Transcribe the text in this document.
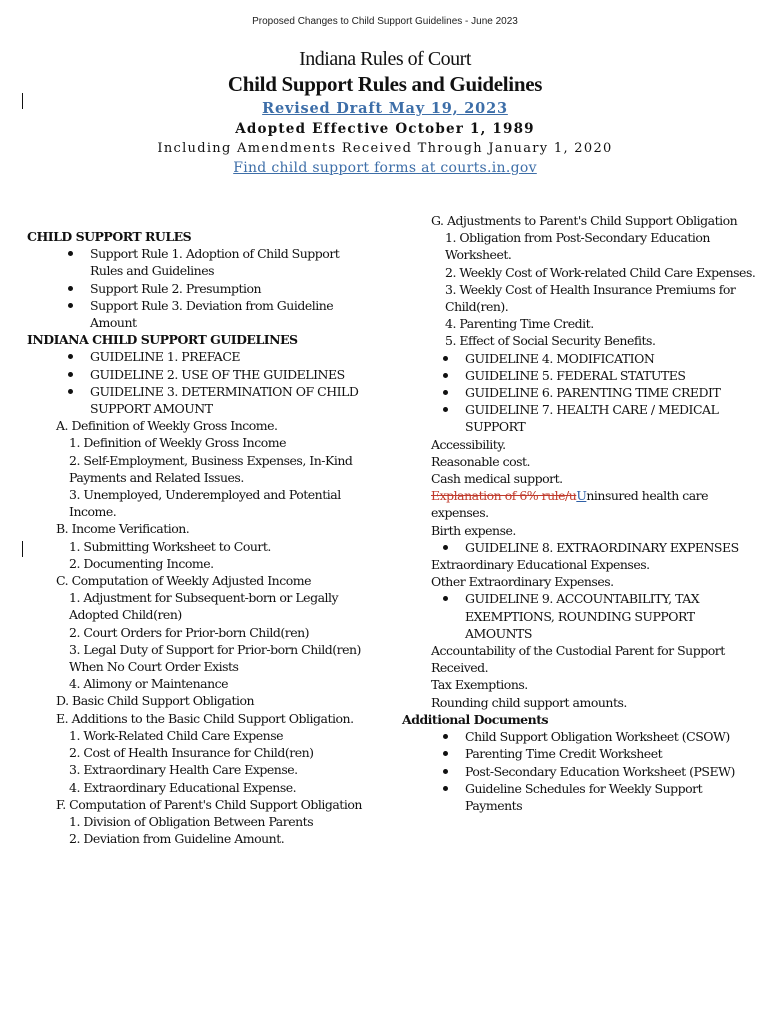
Proposed Changes to Child Support Guidelines - June 2023
Indiana Rules of Court
Child Support Rules and Guidelines
Revised Draft May 19, 2023
Adopted Effective October 1, 1989
Including Amendments Received Through January 1, 2020
Find child support forms at courts.in.gov
CHILD SUPPORT RULES
Support Rule 1. Adoption of Child Support Rules and Guidelines
Support Rule 2. Presumption
Support Rule 3. Deviation from Guideline Amount
INDIANA CHILD SUPPORT GUIDELINES
GUIDELINE 1. PREFACE
GUIDELINE 2. USE OF THE GUIDELINES
GUIDELINE 3. DETERMINATION OF CHILD SUPPORT AMOUNT
A. Definition of Weekly Gross Income.
1. Definition of Weekly Gross Income
2. Self-Employment, Business Expenses, In-Kind Payments and Related Issues.
3. Unemployed, Underemployed and Potential Income.
B. Income Verification.
1. Submitting Worksheet to Court.
2. Documenting Income.
C. Computation of Weekly Adjusted Income
1. Adjustment for Subsequent-born or Legally Adopted Child(ren)
2. Court Orders for Prior-born Child(ren)
3. Legal Duty of Support for Prior-born Child(ren) When No Court Order Exists
4. Alimony or Maintenance
D. Basic Child Support Obligation
E. Additions to the Basic Child Support Obligation.
1. Work-Related Child Care Expense
2. Cost of Health Insurance for Child(ren)
3. Extraordinary Health Care Expense.
4. Extraordinary Educational Expense.
F. Computation of Parent's Child Support Obligation
1. Division of Obligation Between Parents
2. Deviation from Guideline Amount.
G. Adjustments to Parent's Child Support Obligation
1. Obligation from Post-Secondary Education Worksheet.
2. Weekly Cost of Work-related Child Care Expenses.
3. Weekly Cost of Health Insurance Premiums for Child(ren).
4. Parenting Time Credit.
5. Effect of Social Security Benefits.
GUIDELINE 4. MODIFICATION
GUIDELINE 5. FEDERAL STATUTES
GUIDELINE 6. PARENTING TIME CREDIT
GUIDELINE 7. HEALTH CARE / MEDICAL SUPPORT
Accessibility.
Reasonable cost.
Cash medical support.
Explanation of 6% rule/uUninsured health care expenses.
Birth expense.
GUIDELINE 8. EXTRAORDINARY EXPENSES
Extraordinary Educational Expenses.
Other Extraordinary Expenses.
GUIDELINE 9. ACCOUNTABILITY, TAX EXEMPTIONS, ROUNDING SUPPORT AMOUNTS
Accountability of the Custodial Parent for Support Received.
Tax Exemptions.
Rounding child support amounts.
Additional Documents
Child Support Obligation Worksheet (CSOW)
Parenting Time Credit Worksheet
Post-Secondary Education Worksheet (PSEW)
Guideline Schedules for Weekly Support Payments
